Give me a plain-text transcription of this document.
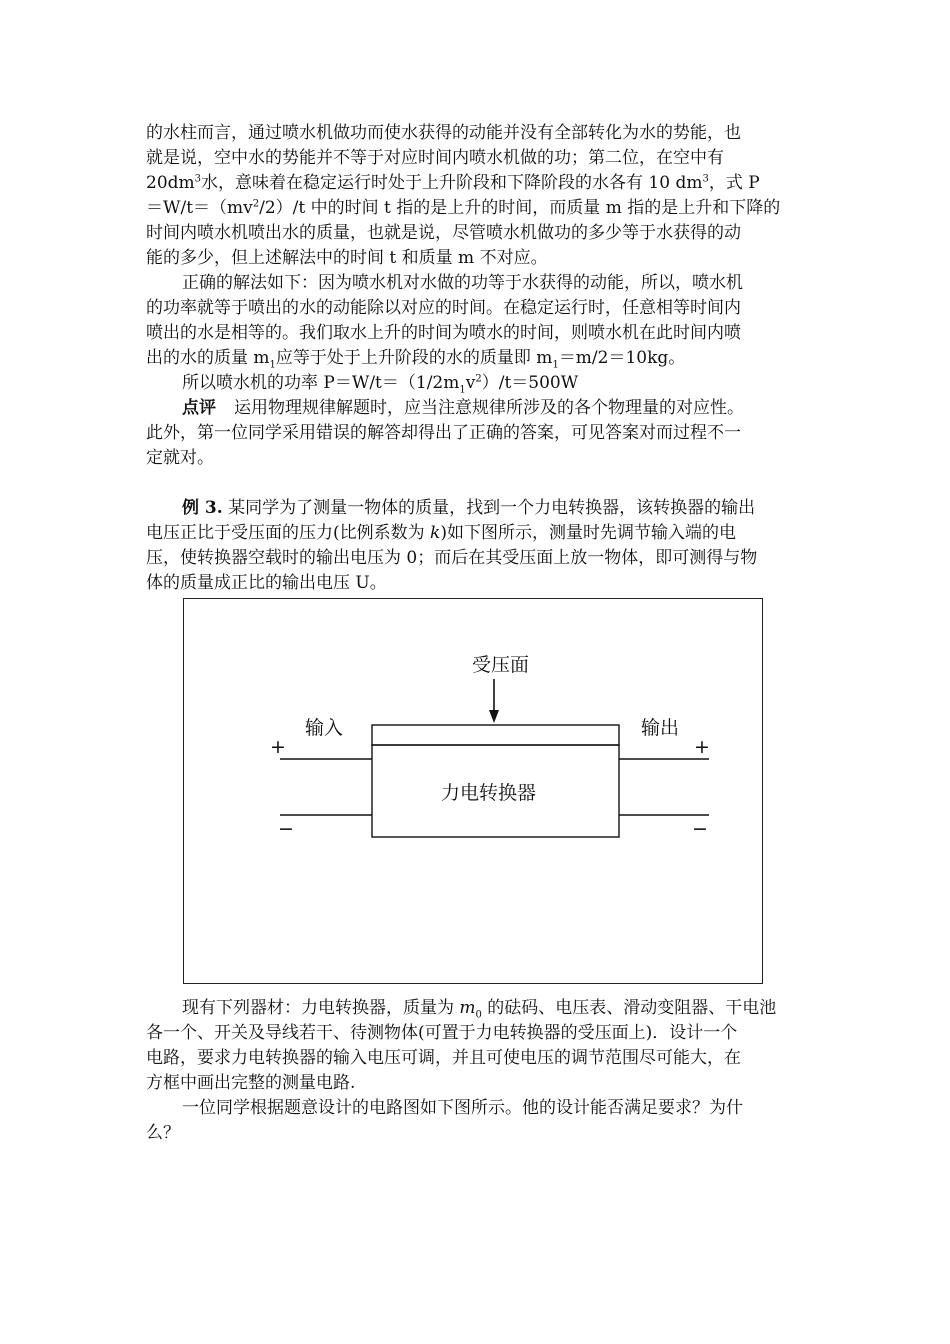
的水柱而言，通过喷水机做功而使水获得的动能并没有全部转化为水的势能，也
就是说，空中水的势能并不等于对应时间内喷水机做的功；第二位，在空中有
$20dm^3$水，意味着在稳定运行时处于上升阶段和下降阶段的水各有 10 $dm^3$，式 P
$=W/t=(mv^2/2)/t$ 中的时间 t 指的是上升的时间，而质量 m 指的是上升和下降的
时间内喷水机喷出水的质量，也就是说，尽管喷水机做功的多少等于水获得的动
能的多少，但上述解法中的时间 t 和质量 m 不对应。
正确的解法如下：因为喷水机对水做的功等于水获得的动能，所以，喷水机
的功率就等于喷出的水的动能除以对应的时间。在稳定运行时，任意相等时间内
喷出的水是相等的。我们取水上升的时间为喷水的时间，则喷水机在此时间内喷
出的水的质量 $m_1$应等于处于上升阶段的水的质量即 $m_1=m/2=10kg$。
所以喷水机的功率 $P=W/t=(1/2m_1v^2)/t=500W$
点评 运用物理规律解题时，应当注意规律所涉及的各个物理量的对应性。
此外，第一位同学采用错误的解答却得出了正确的答案，可见答案对而过程不一
定就对。
例 3. 某同学为了测量一物体的质量，找到一个力电转换器，该转换器的输出
电压正比于受压面的压力(比例系数为 k)如下图所示，测量时先调节输入端的电
压，使转换器空载时的输出电压为 0；而后在其受压面上放一物体，即可测得与物
体的质量成正比的输出电压 U。
受压面
输入	输出
力电转换器
+	+
−	−
现有下列器材：力电转换器，质量为 $m_0$ 的砝码、电压表、滑动变阻器、干电池
各一个、开关及导线若干、待测物体(可置于力电转换器的受压面上)．设计一个
电路，要求力电转换器的输入电压可调，并且可使电压的调节范围尽可能大，在
方框中画出完整的测量电路.
一位同学根据题意设计的电路图如下图所示。他的设计能否满足要求？为什
么？
